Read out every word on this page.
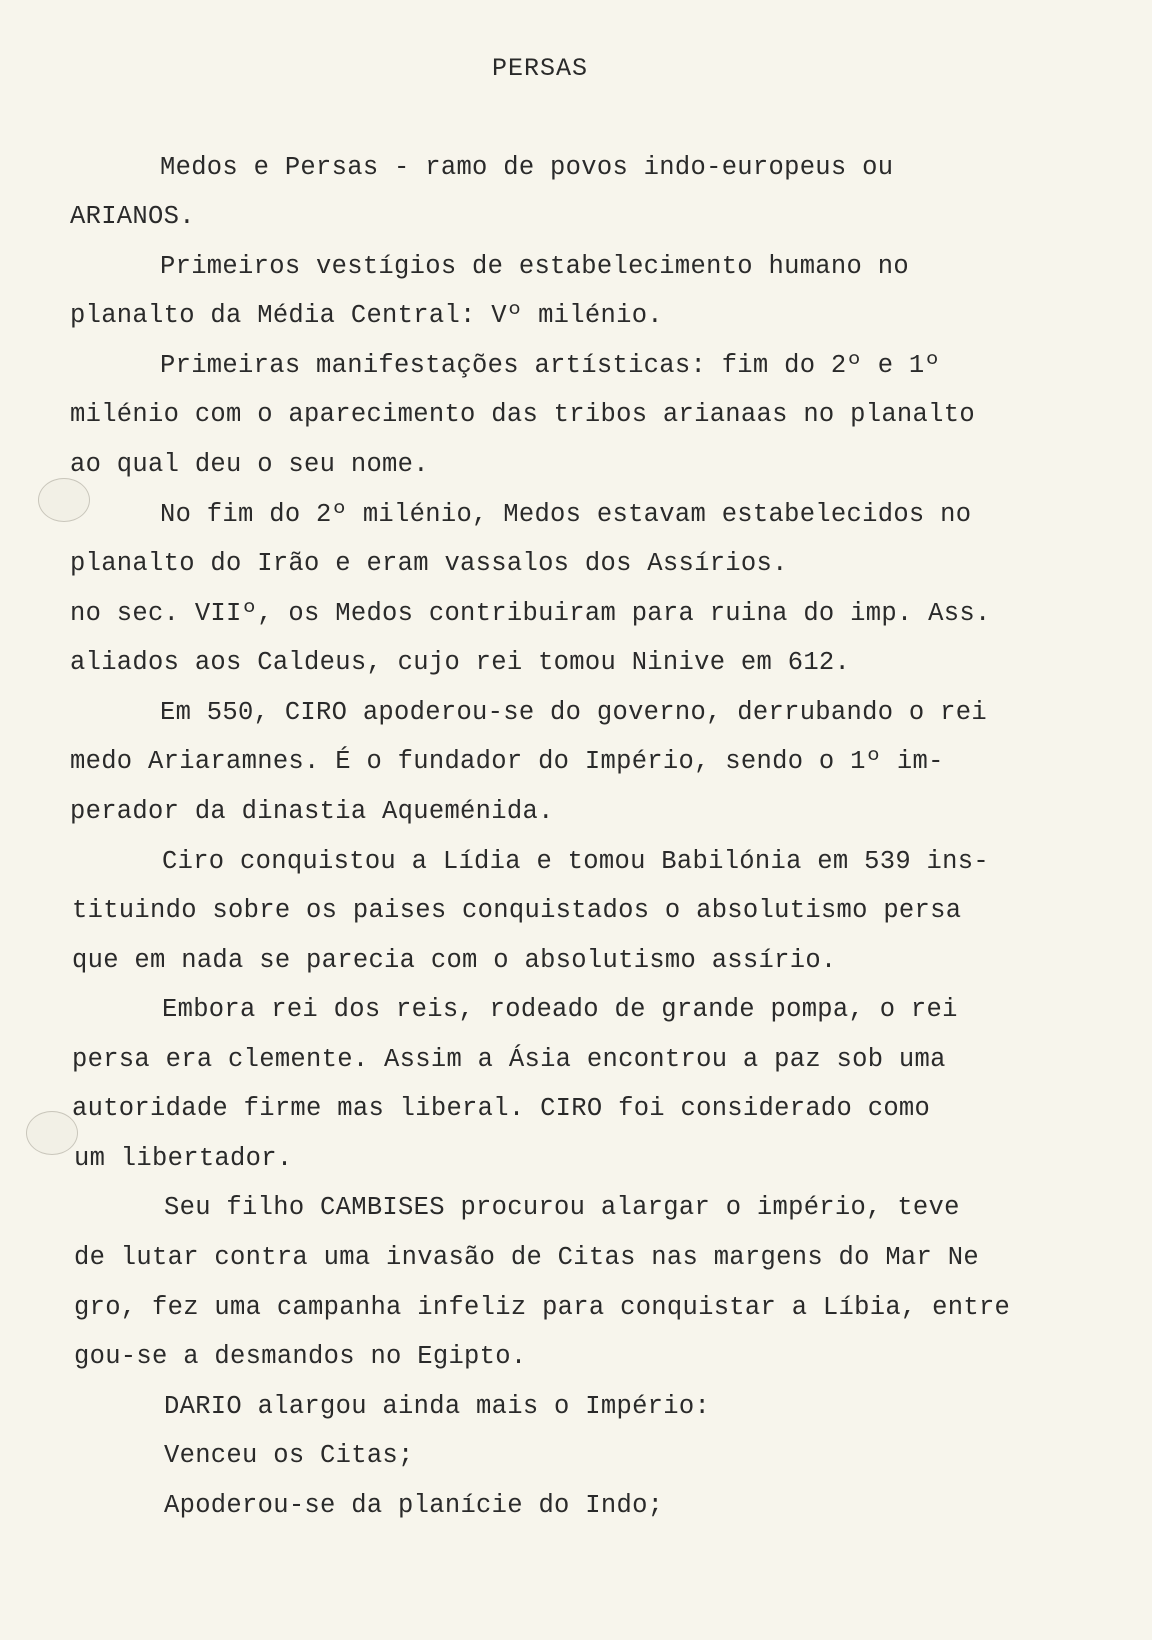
PERSAS
Medos e Persas - ramo de povos indo-europeus ou
ARIANOS.
Primeiros vestígios de estabelecimento humano no
planalto da Média Central: Vº milénio.
Primeiras manifestações artísticas: fim do 2º e 1º
milénio com o aparecimento das tribos arianaas no planalto
ao qual deu o seu nome.
No fim do 2º milénio, Medos estavam estabelecidos no
planalto do Irão e eram vassalos dos Assírios.
no sec. VIIº, os Medos contribuiram para ruina do imp. Ass.
aliados aos Caldeus, cujo rei tomou Ninive em 612.
Em 550, CIRO apoderou-se do governo, derrubando o rei
medo Ariaramnes. É o fundador do Império, sendo o 1º im-
perador da dinastia Aqueménida.
Ciro conquistou a Lídia e tomou Babilónia em 539 ins-
tituindo sobre os paises conquistados o absolutismo persa
que em nada se parecia com o absolutismo assírio.
Embora rei dos reis, rodeado de grande pompa, o rei
persa era clemente. Assim a Ásia encontrou a paz sob uma
autoridade firme mas liberal. CIRO foi considerado como
um libertador.
Seu filho CAMBISES procurou alargar o império, teve
de lutar contra uma invasão de Citas nas margens do Mar Ne
gro, fez uma campanha infeliz para conquistar a Líbia, entre
gou-se a desmandos no Egipto.
DARIO alargou ainda mais o Império:
Venceu os Citas;
Apoderou-se da planície do Indo;
